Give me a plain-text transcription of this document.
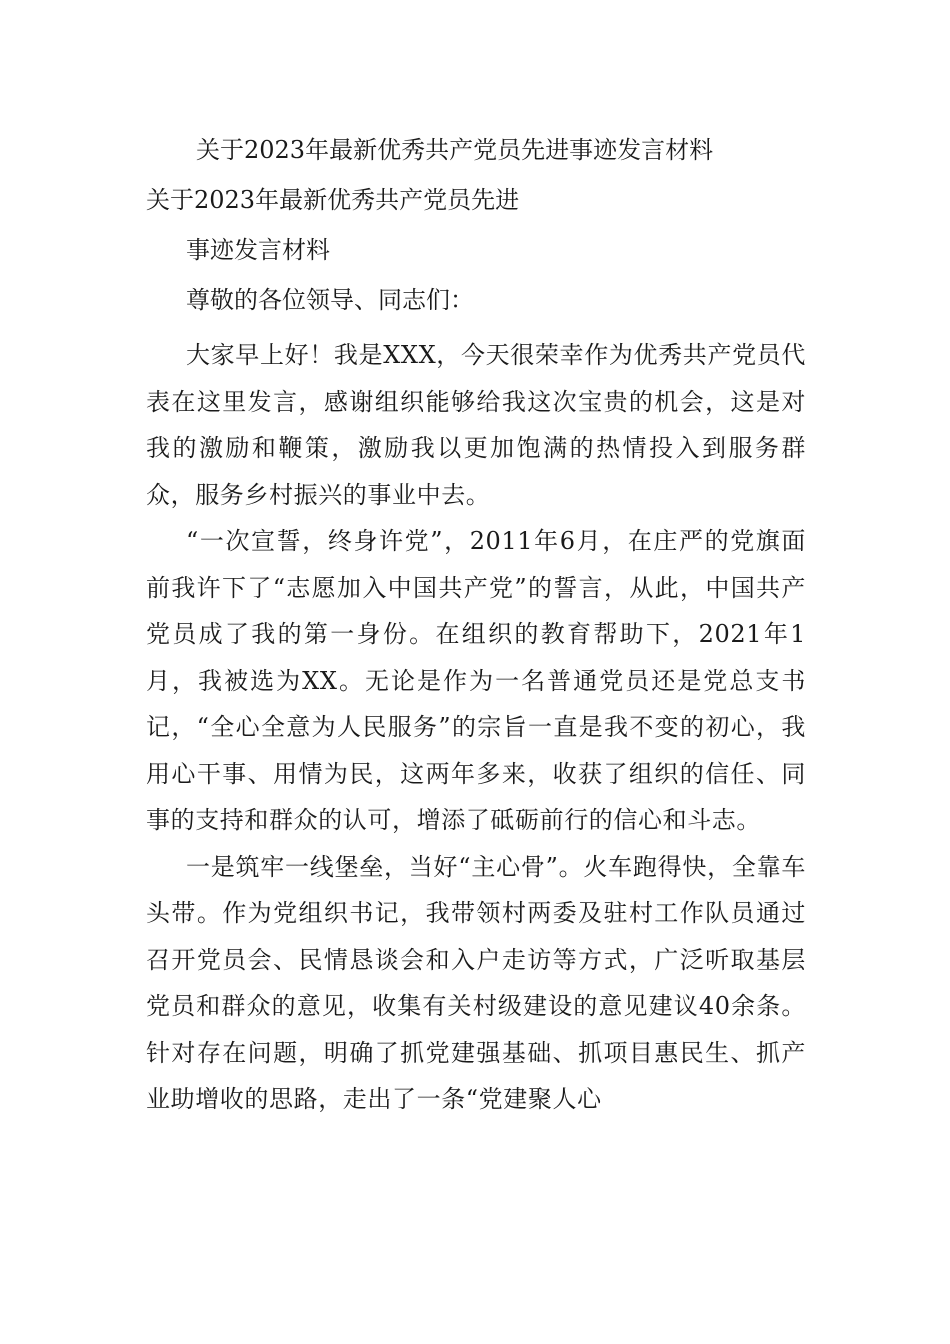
关于2023年最新优秀共产党员先进事迹发言材料
关于2023年最新优秀共产党员先进
事迹发言材料
尊敬的各位领导、同志们：

大家早上好！我是XXX，今天很荣幸作为优秀共产党员代表在这里发言，感谢组织能够给我这次宝贵的机会，这是对我的激励和鞭策，激励我以更加饱满的热情投入到服务群众，服务乡村振兴的事业中去。

“一次宣誓，终身许党”，2011年6月，在庄严的党旗面前我许下了“志愿加入中国共产党”的誓言，从此，中国共产党员成了我的第一身份。在组织的教育帮助下，2021年1月，我被选为XX。无论是作为一名普通党员还是党总支书记，“全心全意为人民服务”的宗旨一直是我不变的初心，我用心干事、用情为民，这两年多来，收获了组织的信任、同事的支持和群众的认可，增添了砥砺前行的信心和斗志。

一是筑牢一线堡垒，当好“主心骨”。火车跑得快，全靠车头带。作为党组织书记，我带领村两委及驻村工作队员通过召开党员会、民情恳谈会和入户走访等方式，广泛听取基层党员和群众的意见，收集有关村级建设的意见建议40余条。针对存在问题，明确了抓党建强基础、抓项目惠民生、抓产业助增收的思路，走出了一条“党建聚人心
